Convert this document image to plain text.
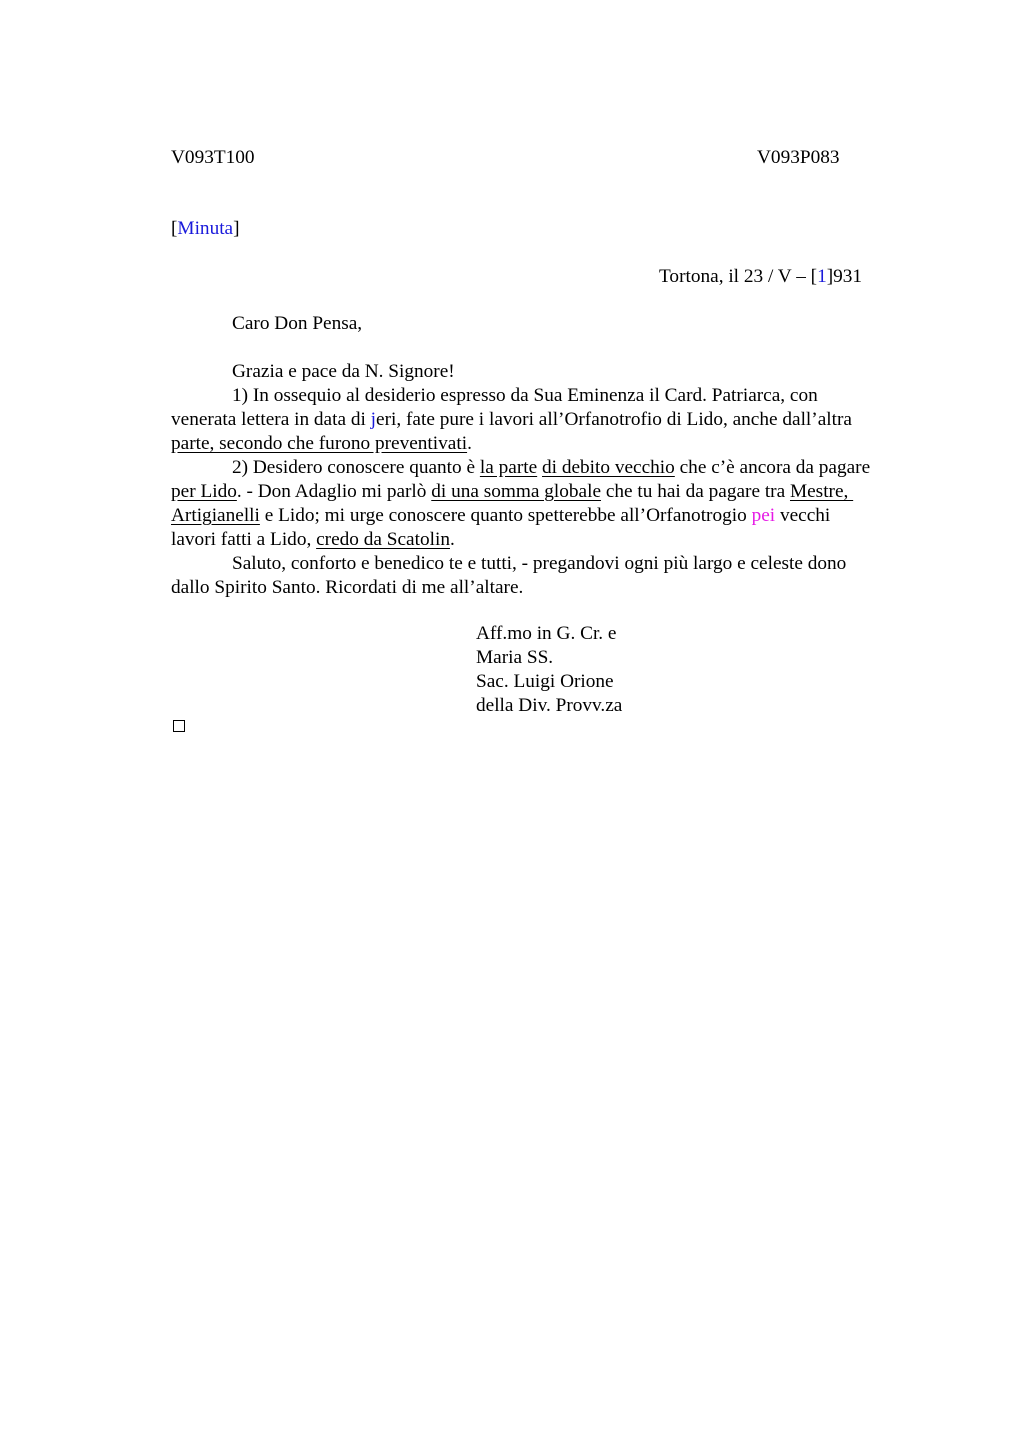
V093T100	V093P083
[Minuta]
Tortona, il 23 / V – [1]931
Caro Don Pensa,
Grazia e pace da N. Signore!
1) In ossequio al desiderio espresso da Sua Eminenza il Card. Patriarca, con
venerata lettera in data di jeri, fate pure i lavori all’Orfanotrofio di Lido, anche dall’altra
parte, secondo che furono preventivati.
2) Desidero conoscere quanto è la parte di debito vecchio che c’è ancora da pagare
per Lido. - Don Adaglio mi parlò di una somma globale che tu hai da pagare tra Mestre,
Artigianelli e Lido; mi urge conoscere quanto spetterebbe all’Orfanotrogio pei vecchi
lavori fatti a Lido, credo da Scatolin.
Saluto, conforto e benedico te e tutti, - pregandovi ogni più largo e celeste dono
dallo Spirito Santo. Ricordati di me all’altare.
Aff.mo in G. Cr. e
Maria SS.
Sac. Luigi Orione
della Div. Provv.za
